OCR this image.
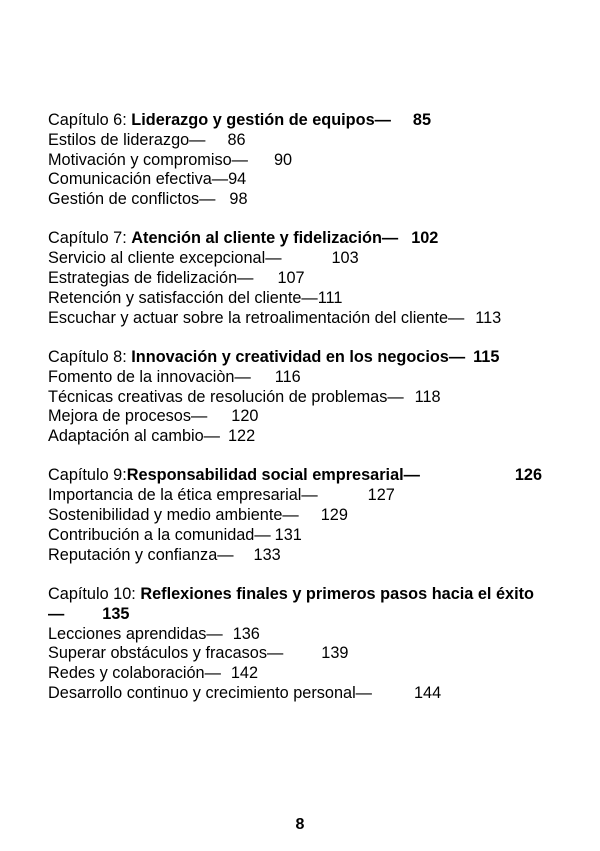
Capítulo 6: Liderazgo y gestión de equipos— 85
Estilos de liderazgo— 86
Motivación y compromiso— 90
Comunicación efectiva—94
Gestión de conflictos— 98
Capítulo 7: Atención al cliente y fidelización— 102
Servicio al cliente excepcional—	103
Estrategias de fidelización— 107
Retención y satisfacción del cliente—111
Escuchar y actuar sobre la retroalimentación del cliente— 113
Capítulo 8: Innovación y creatividad en los negocios— 115
Fomento de la innovaciòn— 116
Técnicas creativas de resolución de problemas— 118
Mejora de procesos— 120
Adaptación al cambio— 122
Capítulo 9: Responsabilidad social empresarial—	126
Importancia de la ética empresarial—	127
Sostenibilidad y medio ambiente— 129
Contribución a la comunidad— 131
Reputación y confianza— 133
Capítulo 10: Reflexiones finales y primeros pasos hacia el éxito— 135
Lecciones aprendidas— 136
Superar obstáculos y fracasos— 139
Redes y colaboración— 142
Desarrollo continuo y crecimiento personal—	144
8
